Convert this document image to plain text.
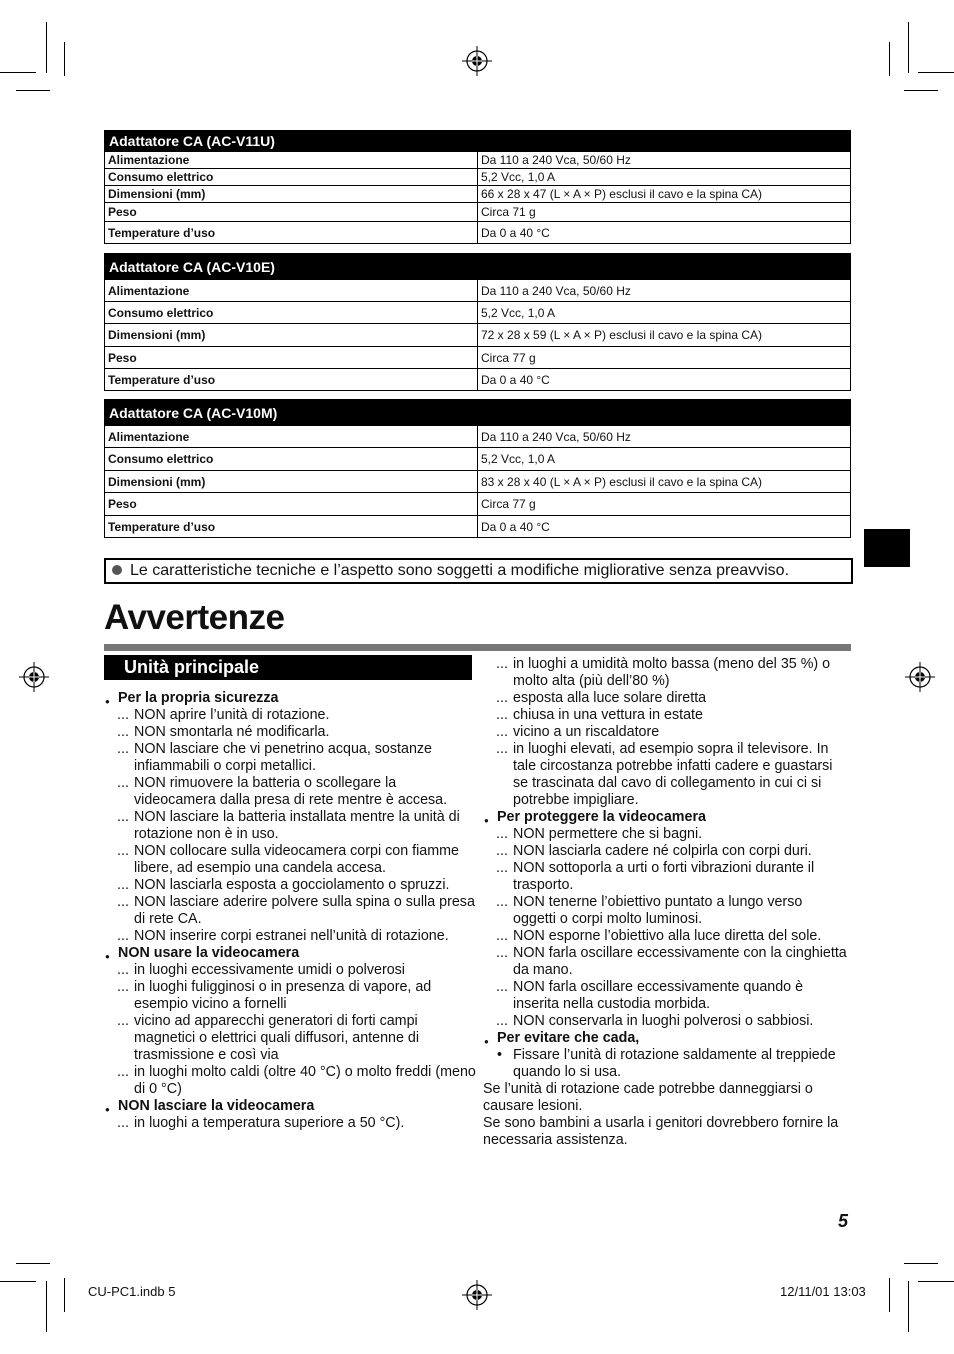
Adattatore CA (AC-V11U)	
Alimentazione	Da 110 a 240 Vca, 50/60 Hz
Consumo elettrico	5,2 Vcc, 1,0 A
Dimensioni (mm)	66 x 28 x 47 (L × A × P) esclusi il cavo e la spina CA)
Peso	Circa 71 g
Temperature d’uso	Da 0 a 40 °C
Adattatore CA (AC-V10E)	
Alimentazione	Da 110 a 240 Vca, 50/60 Hz
Consumo elettrico	5,2 Vcc, 1,0 A
Dimensioni (mm)	72 x 28 x 59 (L × A × P) esclusi il cavo e la spina CA)
Peso	Circa 77 g
Temperature d’uso	Da 0 a 40 °C
Adattatore CA (AC-V10M)	
Alimentazione	Da 110 a 240 Vca, 50/60 Hz
Consumo elettrico	5,2 Vcc, 1,0 A
Dimensioni (mm)	83 x 28 x 40 (L × A × P) esclusi il cavo e la spina CA)
Peso	Circa 77 g
Temperature d’uso	Da 0 a 40 °C
Le caratteristiche tecniche e l’aspetto sono soggetti a modifiche migliorative senza preavviso.
Avvertenze
Unità principale
● Per la propria sicurezza
... NON aprire l’unità di rotazione.
... NON smontarla né modificarla.
... NON lasciare che vi penetrino acqua, sostanze infiammabili o corpi metallici.
... NON rimuovere la batteria o scollegare la videocamera dalla presa di rete mentre è accesa.
... NON lasciare la batteria installata mentre la unità di rotazione non è in uso.
... NON collocare sulla videocamera corpi con fiamme libere, ad esempio una candela accesa.
... NON lasciarla esposta a gocciolamento o spruzzi.
... NON lasciare aderire polvere sulla spina o sulla presa di rete CA.
... NON inserire corpi estranei nell’unità di rotazione.
● NON usare la videocamera
... in luoghi eccessivamente umidi o polverosi
... in luoghi fuligginosi o in presenza di vapore, ad esempio vicino a fornelli
... vicino ad apparecchi generatori di forti campi magnetici o elettrici quali diffusori, antenne di trasmissione e così via
... in luoghi molto caldi (oltre 40 °C) o molto freddi (meno di 0 °C)
● NON lasciare la videocamera
... in luoghi a temperatura superiore a 50 °C).
... in luoghi a umidità molto bassa (meno del 35 %) o molto alta (più dell’80 %)
... esposta alla luce solare diretta
... chiusa in una vettura in estate
... vicino a un riscaldatore
... in luoghi elevati, ad esempio sopra il televisore. In tale circostanza potrebbe infatti cadere e guastarsi se trascinata dal cavo di collegamento in cui ci si potrebbe impigliare.
● Per proteggere la videocamera
... NON permettere che si bagni.
... NON lasciarla cadere né colpirla con corpi duri.
... NON sottoporla a urti o forti vibrazioni durante il trasporto.
... NON tenerne l’obiettivo puntato a lungo verso oggetti o corpi molto luminosi.
... NON esporne l’obiettivo alla luce diretta del sole.
... NON farla oscillare eccessivamente con la cinghietta da mano.
... NON farla oscillare eccessivamente quando è inserita nella custodia morbida.
... NON conservarla in luoghi polverosi o sabbiosi.
● Per evitare che cada,
• Fissare l’unità di rotazione saldamente al treppiede quando lo si usa.
Se l’unità di rotazione cade potrebbe danneggiarsi o causare lesioni.
Se sono bambini a usarla i genitori dovrebbero fornire la necessaria assistenza.
5
CU-PC1.indb 5	12/11/01 13:03
